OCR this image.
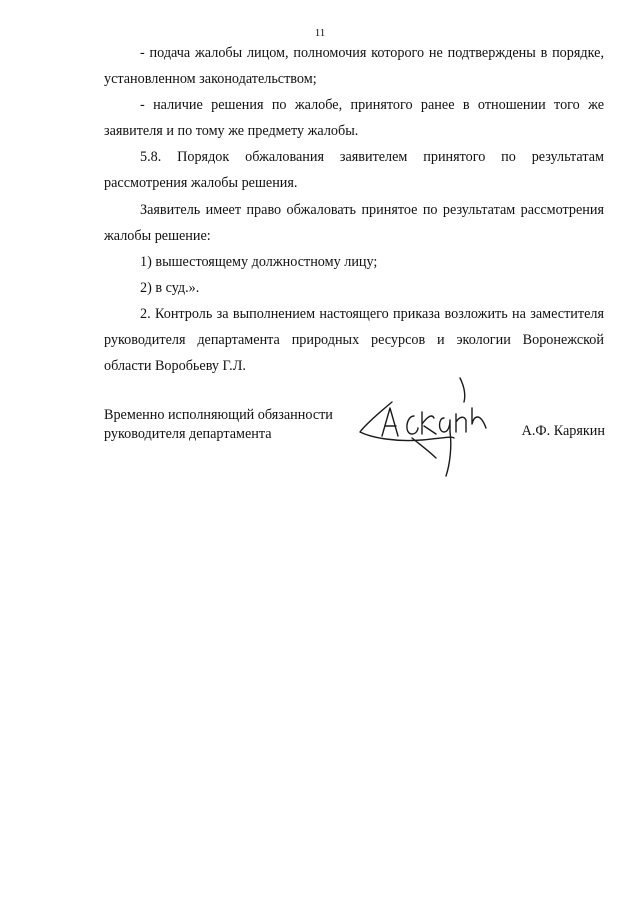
11

- подача жалобы лицом, полномочия которого не подтверждены в порядке, установленном законодательством;

- наличие решения по жалобе, принятого ранее в отношении того же заявителя и по тому же предмету жалобы.

5.8. Порядок обжалования заявителем принятого по результатам рассмотрения жалобы решения.

Заявитель имеет право обжаловать принятое по результатам рассмотрения жалобы решение:

1) вышестоящему должностному лицу;

2) в суд.».

2. Контроль за выполнением настоящего приказа возложить на заместителя руководителя департамента природных ресурсов и экологии Воронежской области Воробьеву Г.Л.

Временно исполняющий обязанности
руководителя департамента	А.Ф. Карякин
